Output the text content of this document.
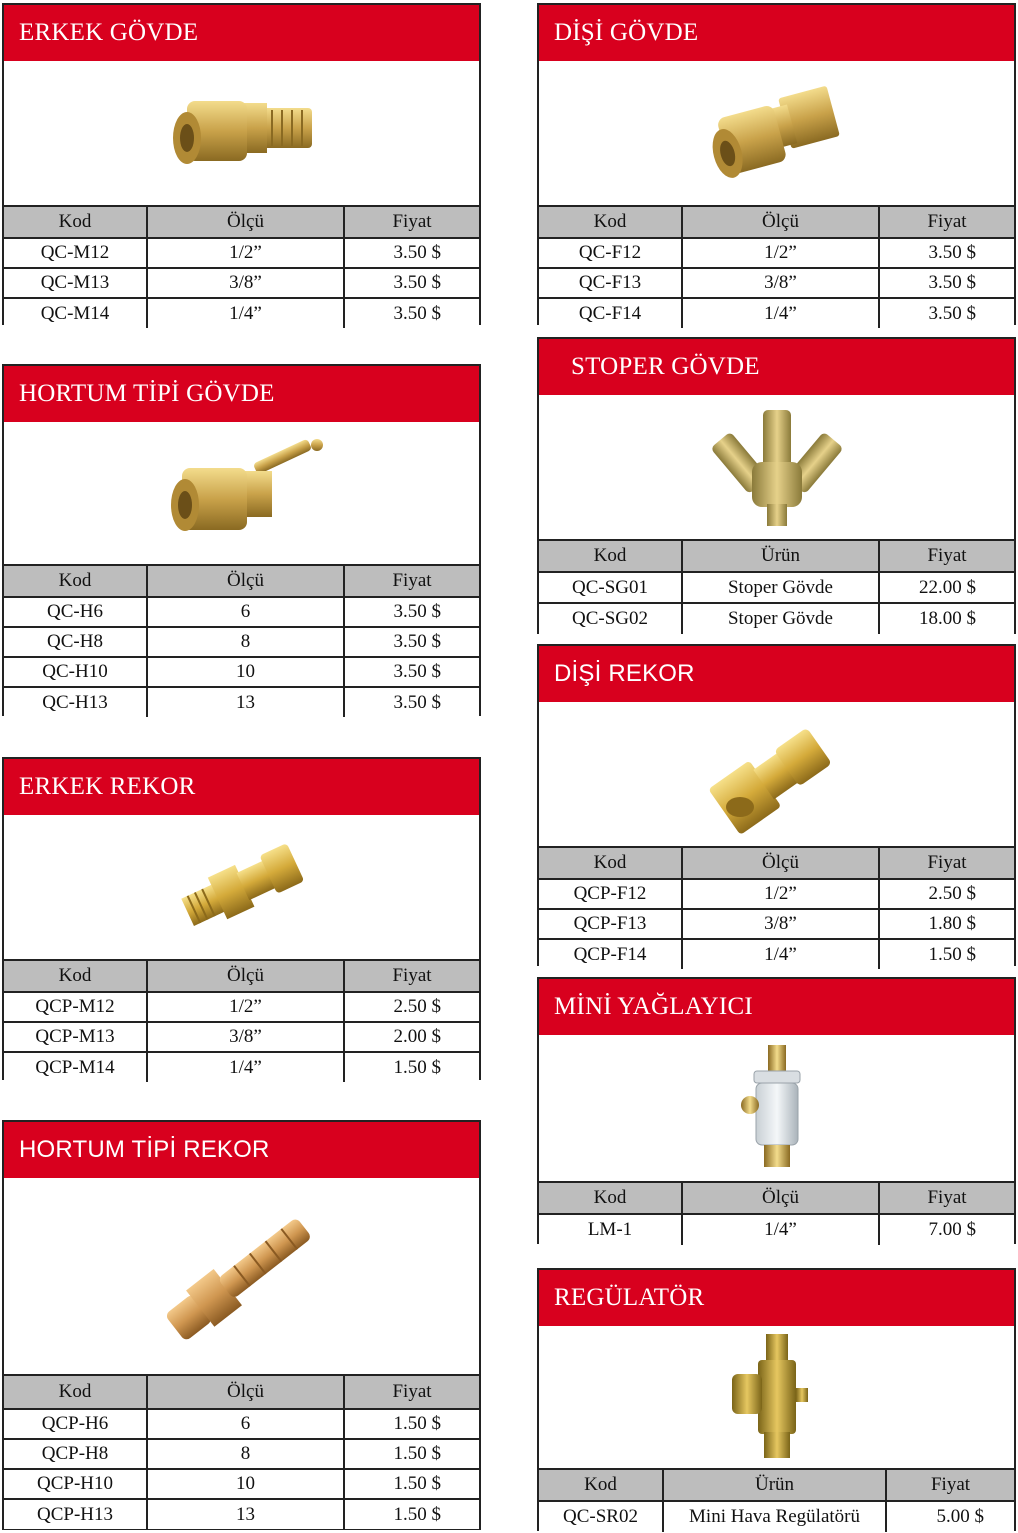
ERKEK GÖVDE
Kod	Ölçü	Fiyat
QC-M12	1/2”	3.50 $
QC-M13	3/8”	3.50 $
QC-M14	1/4”	3.50 $
HORTUM TİPİ GÖVDE
Kod	Ölçü	Fiyat
QC-H6	6	3.50 $
QC-H8	8	3.50 $
QC-H10	10	3.50 $
QC-H13	13	3.50 $
ERKEK REKOR
Kod	Ölçü	Fiyat
QCP-M12	1/2”	2.50 $
QCP-M13	3/8”	2.00 $
QCP-M14	1/4”	1.50 $
HORTUM TİPİ REKOR
Kod	Ölçü	Fiyat
QCP-H6	6	1.50 $
QCP-H8	8	1.50 $
QCP-H10	10	1.50 $
QCP-H13	13	1.50 $
DİŞİ GÖVDE
Kod	Ölçü	Fiyat
QC-F12	1/2”	3.50 $
QC-F13	3/8”	3.50 $
QC-F14	1/4”	3.50 $
STOPER GÖVDE
Kod	Ürün	Fiyat
QC-SG01	Stoper Gövde	22.00 $
QC-SG02	Stoper Gövde	18.00 $
DİŞİ REKOR
Kod	Ölçü	Fiyat
QCP-F12	1/2”	2.50 $
QCP-F13	3/8”	1.80 $
QCP-F14	1/4”	1.50 $
MİNİ YAĞLAYICI
Kod	Ölçü	Fiyat
LM-1	1/4”	7.00 $
REGÜLATÖR
Kod	Ürün	Fiyat
QC-SR02	Mini Hava Regülatörü	5.00 $
